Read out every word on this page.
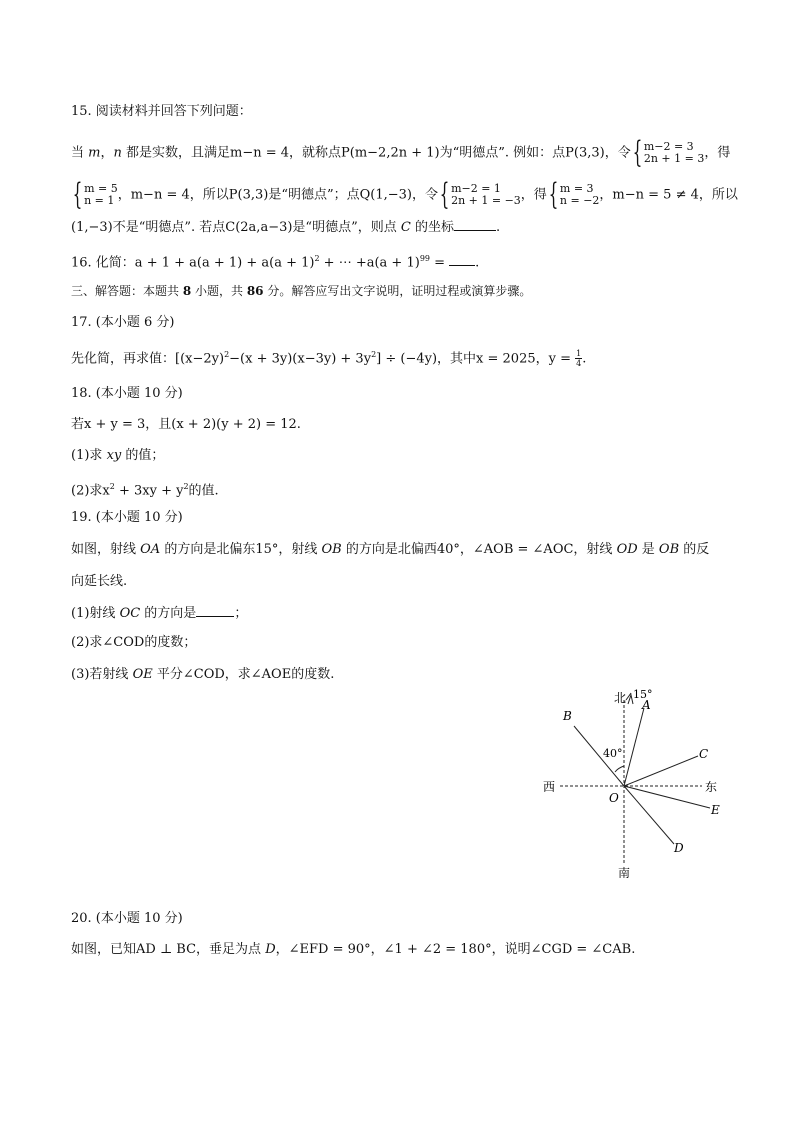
15. 阅读材料并回答下列问题：
当 m，n 都是实数，且满足m−n = 4，就称点P(m−2,2n + 1)为“明德点”. 例如：点P(3,3)，令 { m−2 = 3
2n + 1 = 3 ，得
{ m = 5
n = 1 ，m−n = 4，所以P(3,3)是“明德点”；点Q(1,−3)，令 { m−2 = 1
2n + 1 = −3 ，得 { m = 3
n = −2 ，m−n = 5 ≠ 4，所以
(1,−3)不是“明德点”. 若点C(2a,a−3)是“明德点”，则点 C 的坐标	.
16. 化简：$a + 1 + a(a + 1) + a(a + 1)^2$ + ⋯ $+a(a + 1)^{99}$ = .
三、解答题：本题共 8 小题，共 86 分。解答应写出文字说明，证明过程或演算步骤。
17. (本小题 6 分)
先化简，再求值：$[(x-2y)^2-(x + 3y)(x-3y) + 3y^2] \div (-4y)$，其中x = 2025，$y = \frac{1}{4}$ .
18. (本小题 10 分)
若x + y = 3，且(x + 2)(y + 2) = 12.
(1)求 xy 的值；
(2)求$x^2 + 3xy + y^2$的值.
19. (本小题 10 分)
如图，射线 OA 的方向是北偏东15°，射线 OB 的方向是北偏西40°，∠AOB = ∠AOC，射线 OD 是 OB 的反
向延长线.
(1)射线 OC 的方向是	；
(2)求∠COD的度数；
(3)若射线 OE 平分∠COD，求∠AOE的度数.
北 15°
A
B
40°	C
西	东
O
E
D
南
20. (本小题 10 分)
如图，已知AD ⊥ BC，垂足为点 D，∠EFD = 90°，∠1 + ∠2 = 180°，说明∠CGD = ∠CAB.
